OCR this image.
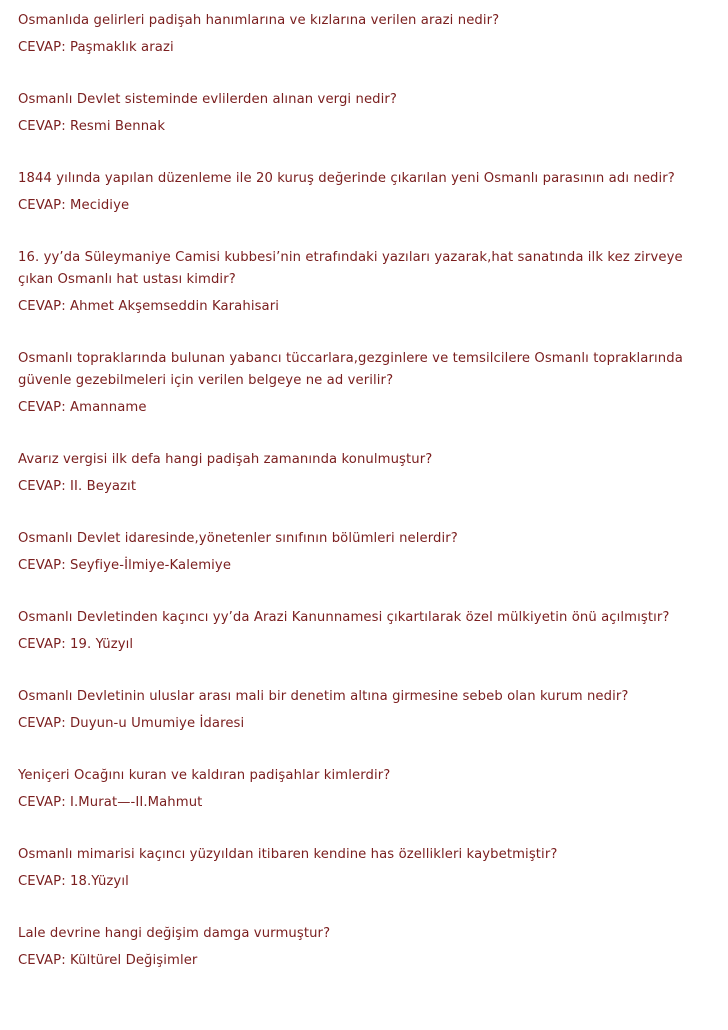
Osmanlıda gelirleri padişah hanımlarına ve kızlarına verilen arazi nedir?
CEVAP: Paşmaklık arazi
Osmanlı Devlet sisteminde evlilerden alınan vergi nedir?
CEVAP: Resmi Bennak
1844 yılında yapılan düzenleme ile 20 kuruş değerinde çıkarılan yeni Osmanlı parasının adı nedir?
CEVAP: Mecidiye
16. yy’da Süleymaniye Camisi kubbesi’nin etrafındaki yazıları yazarak,hat sanatında ilk kez zirveye
çıkan Osmanlı hat ustası kimdir?
CEVAP: Ahmet Akşemseddin Karahisari
Osmanlı topraklarında bulunan yabancı tüccarlara,gezginlere ve temsilcilere Osmanlı topraklarında
güvenle gezebilmeleri için verilen belgeye ne ad verilir?
CEVAP: Amanname
Avarız vergisi ilk defa hangi padişah zamanında konulmuştur?
CEVAP: II. Beyazıt
Osmanlı Devlet idaresinde,yönetenler sınıfının bölümleri nelerdir?
CEVAP: Seyfiye-İlmiye-Kalemiye
Osmanlı Devletinden kaçıncı yy’da Arazi Kanunnamesi çıkartılarak özel mülkiyetin önü açılmıştır?
CEVAP: 19. Yüzyıl
Osmanlı Devletinin uluslar arası mali bir denetim altına girmesine sebeb olan kurum nedir?
CEVAP: Duyun-u Umumiye İdaresi
Yeniçeri Ocağını kuran ve kaldıran padişahlar kimlerdir?
CEVAP: I.Murat—-II.Mahmut
Osmanlı mimarisi kaçıncı yüzyıldan itibaren kendine has özellikleri kaybetmiştir?
CEVAP: 18.Yüzyıl
Lale devrine hangi değişim damga vurmuştur?
CEVAP: Kültürel Değişimler
